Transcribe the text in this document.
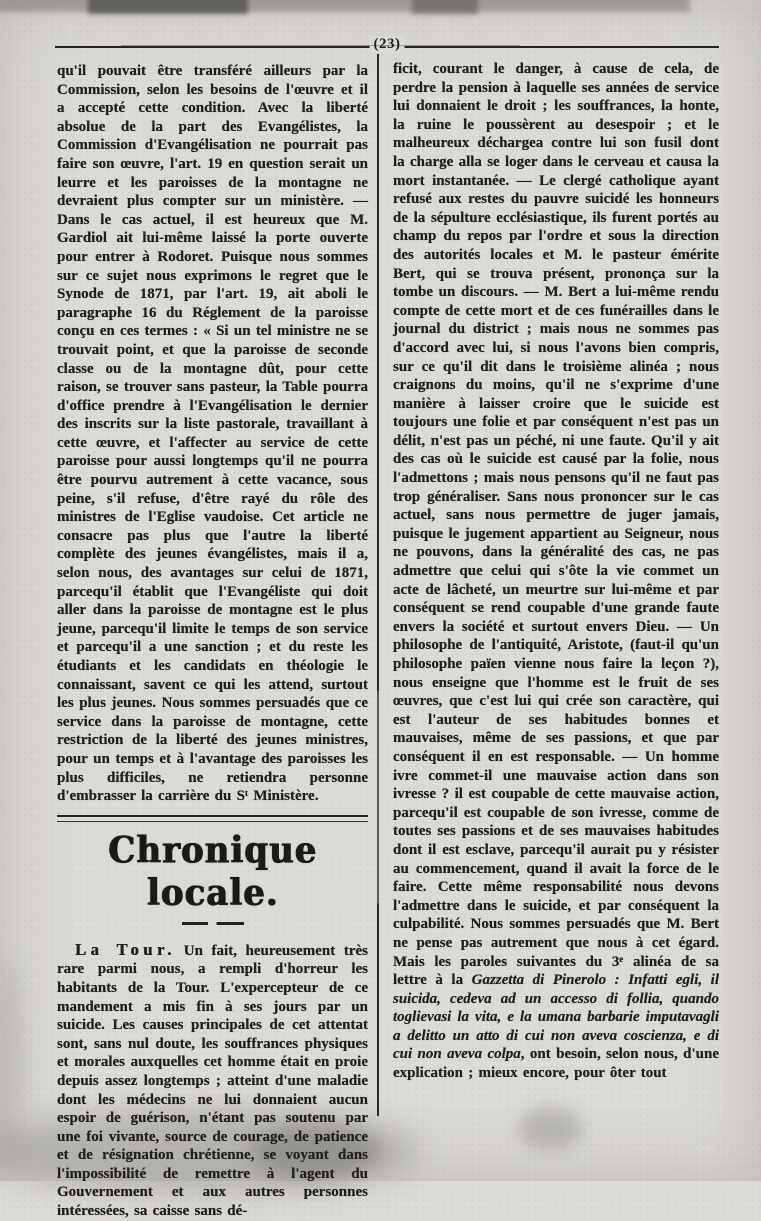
(23)

qu'il pouvait être transféré ailleurs par la Commission, selon les besoins de l'œuvre et il a accepté cette condition. Avec la liberté absolue de la part des Evangélistes, la Commission d'Evangélisation ne pourrait pas faire son œuvre, l'art. 19 en question serait un leurre et les paroisses de la montagne ne devraient plus compter sur un ministère. — Dans le cas actuel, il est heureux que M. Gardiol ait lui-même laissé la porte ouverte pour entrer à Rodoret. Puisque nous sommes sur ce sujet nous exprimons le regret que le Synode de 1871, par l'art. 19, ait aboli le paragraphe 16 du Réglement de la paroisse conçu en ces termes : « Si un tel ministre ne se trouvait point, et que la paroisse de seconde classe ou de la montagne dût, pour cette raison, se trouver sans pasteur, la Table pourra d'office prendre à l'Evangélisation le dernier des inscrits sur la liste pastorale, travaillant à cette œuvre, et l'affecter au service de cette paroisse pour aussi longtemps qu'il ne pourra être pourvu autrement à cette vacance, sous peine, s'il refuse, d'être rayé du rôle des ministres de l'Eglise vaudoise. Cet article ne consacre pas plus que l'autre la liberté complète des jeunes évangélistes, mais il a, selon nous, des avantages sur celui de 1871, parcequ'il établit que l'Evangéliste qui doit aller dans la paroisse de montagne est le plus jeune, parcequ'il limite le temps de son service et parcequ'il a une sanction ; et du reste les étudiants et les candidats en théologie le connaissant, savent ce qui les attend, surtout les plus jeunes. Nous sommes persuadés que ce service dans la paroisse de montagne, cette restriction de la liberté des jeunes ministres, pour un temps et à l'avantage des paroisses les plus difficiles, ne retiendra personne d'embrasser la carrière du Sᵗ Ministère.

Chronique locale.

La Tour. Un fait, heureusement très rare parmi nous, a rempli d'horreur les habitants de la Tour. L'expercepteur de ce mandement a mis fin à ses jours par un suicide. Les causes principales de cet attentat sont, sans nul doute, les souffrances physiques et morales auxquelles cet homme était en proie depuis assez longtemps ; atteint d'une maladie dont les médecins ne lui donnaient aucun espoir de guérison, n'étant pas soutenu par une foi vivante, source de courage, de patience et de résignation chrétienne, se voyant dans l'impossibilité de remettre à l'agent du Gouvernement et aux autres personnes intéressées, sa caisse sans dé-

ficit, courant le danger, à cause de cela, de perdre la pension à laquelle ses années de service lui donnaient le droit ; les souffrances, la honte, la ruine le poussèrent au desespoir ; et le malheureux déchargea contre lui son fusil dont la charge alla se loger dans le cerveau et causa la mort instantanée. — Le clergé catholique ayant refusé aux restes du pauvre suicidé les honneurs de la sépulture ecclésiastique, ils furent portés au champ du repos par l'ordre et sous la direction des autorités locales et M. le pasteur émérite Bert, qui se trouva présent, prononça sur la tombe un discours. — M. Bert a lui-même rendu compte de cette mort et de ces funérailles dans le journal du district ; mais nous ne sommes pas d'accord avec lui, si nous l'avons bien compris, sur ce qu'il dit dans le troisième alinéa ; nous craignons du moins, qu'il ne s'exprime d'une manière à laisser croire que le suicide est toujours une folie et par conséquent n'est pas un délit, n'est pas un péché, ni une faute. Qu'il y ait des cas où le suicide est causé par la folie, nous l'admettons ; mais nous pensons qu'il ne faut pas trop généraliser. Sans nous prononcer sur le cas actuel, sans nous permettre de juger jamais, puisque le jugement appartient au Seigneur, nous ne pouvons, dans la généralité des cas, ne pas admettre que celui qui s'ôte la vie commet un acte de lâcheté, un meurtre sur lui-même et par conséquent se rend coupable d'une grande faute envers la société et surtout envers Dieu. — Un philosophe de l'antiquité, Aristote, (faut-il qu'un philosophe païen vienne nous faire la leçon ?), nous enseigne que l'homme est le fruit de ses œuvres, que c'est lui qui crée son caractère, qui est l'auteur de ses habitudes bonnes et mauvaises, même de ses passions, et que par conséquent il en est responsable. — Un homme ivre commet-il une mauvaise action dans son ivresse ? il est coupable de cette mauvaise action, parcequ'il est coupable de son ivresse, comme de toutes ses passions et de ses mauvaises habitudes dont il est esclave, parcequ'il aurait pu y résister au commencement, quand il avait la force de le faire. Cette même responsabilité nous devons l'admettre dans le suicide, et par conséquent la culpabilité. Nous sommes persuadés que M. Bert ne pense pas autrement que nous à cet égard. Mais les paroles suivantes du 3ᵉ alinéa de sa lettre à la Gazzetta di Pinerolo : Infatti egli, il suicida, cedeva ad un accesso di follia, quando toglievasi la vita, e la umana barbarie imputavagli a delitto un atto di cui non aveva coscienza, e di cui non aveva colpa, ont besoin, selon nous, d'une explication ; mieux encore, pour ôter tout
